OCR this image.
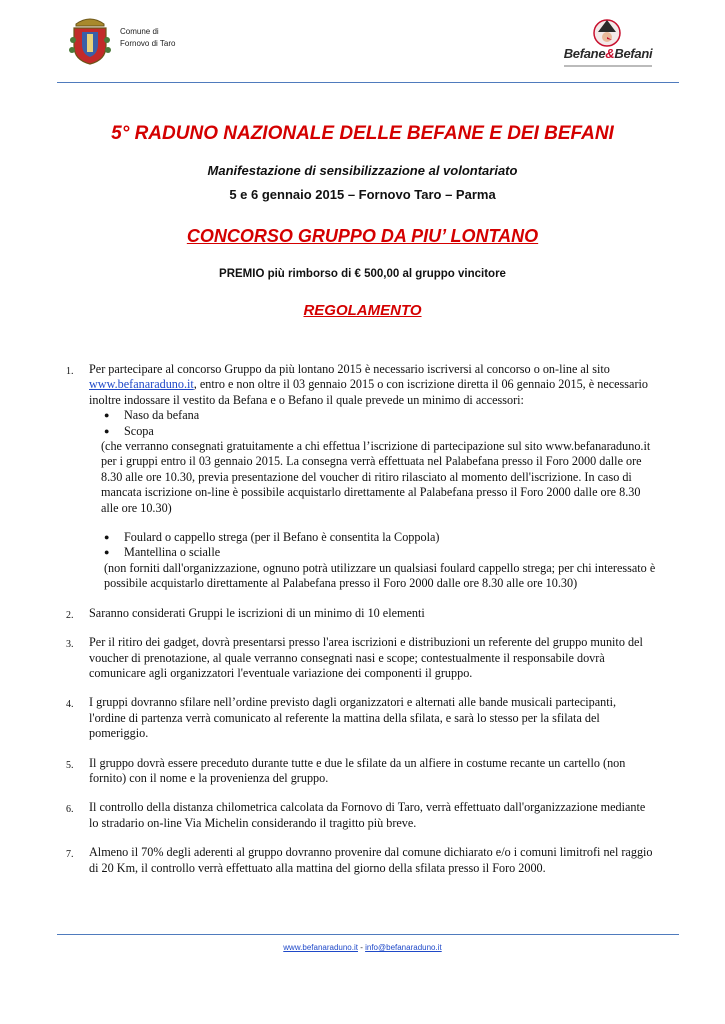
Comune di
Fornovo di Taro
Befane&Befani
5° RADUNO NAZIONALE DELLE BEFANE E DEI BEFANI
Manifestazione di sensibilizzazione al volontariato
5 e 6 gennaio 2015 – Fornovo Taro – Parma
CONCORSO GRUPPO DA PIU’ LONTANO
PREMIO più rimborso di € 500,00 al gruppo vincitore
REGOLAMENTO
1. Per partecipare al concorso Gruppo da più lontano 2015 è necessario iscriversi al concorso o on-line al sito www.befanaraduno.it, entro e non oltre il 03 gennaio 2015 o con iscrizione diretta il 06 gennaio 2015, è necessario inoltre indossare il vestito da Befana e o Befano il quale prevede un minimo di accessori:
● Naso da befana
● Scopa
(che verranno consegnati gratuitamente a chi effettua l’iscrizione di partecipazione sul sito www.befanaraduno.it per i gruppi entro il 03 gennaio 2015. La consegna verrà effettuata nel Palabefana presso il Foro 2000 dalle ore 8.30 alle ore 10.30, previa presentazione del voucher di ritiro rilasciato al momento dell'iscrizione. In caso di mancata iscrizione on-line è possibile acquistarlo direttamente al Palabefana presso il Foro 2000 dalle ore 8.30 alle ore 10.30)
● Foulard o cappello strega (per il Befano è consentita la Coppola)
● Mantellina o scialle
(non forniti dall'organizzazione, ognuno potrà utilizzare un qualsiasi foulard cappello strega; per chi interessato è possibile acquistarlo direttamente al Palabefana presso il Foro 2000 dalle ore 8.30 alle ore 10.30)
2. Saranno considerati Gruppi le iscrizioni di un minimo di 10 elementi
3. Per il ritiro dei gadget, dovrà presentarsi presso l'area iscrizioni e distribuzioni un referente del gruppo munito del voucher di prenotazione, al quale verranno consegnati nasi e scope; contestualmente il responsabile dovrà comunicare agli organizzatori l'eventuale variazione dei componenti il gruppo.
4. I gruppi dovranno sfilare nell’ordine previsto dagli organizzatori e alternati alle bande musicali partecipanti, l'ordine di partenza verrà comunicato al referente la mattina della sfilata, e sarà lo stesso per la sfilata del pomeriggio.
5. Il gruppo dovrà essere preceduto durante tutte e due le sfilate da un alfiere in costume recante un cartello (non fornito) con il nome e la provenienza del gruppo.
6. Il controllo della distanza chilometrica calcolata da Fornovo di Taro, verrà effettuato dall'organizzazione mediante lo stradario on-line Via Michelin considerando il tragitto più breve.
7. Almeno il 70% degli aderenti al gruppo dovranno provenire dal comune dichiarato e/o i comuni limitrofi nel raggio di 20 Km, il controllo verrà effettuato alla mattina del giorno della sfilata presso il Foro 2000.
www.befanaraduno.it - info@befanaraduno.it
